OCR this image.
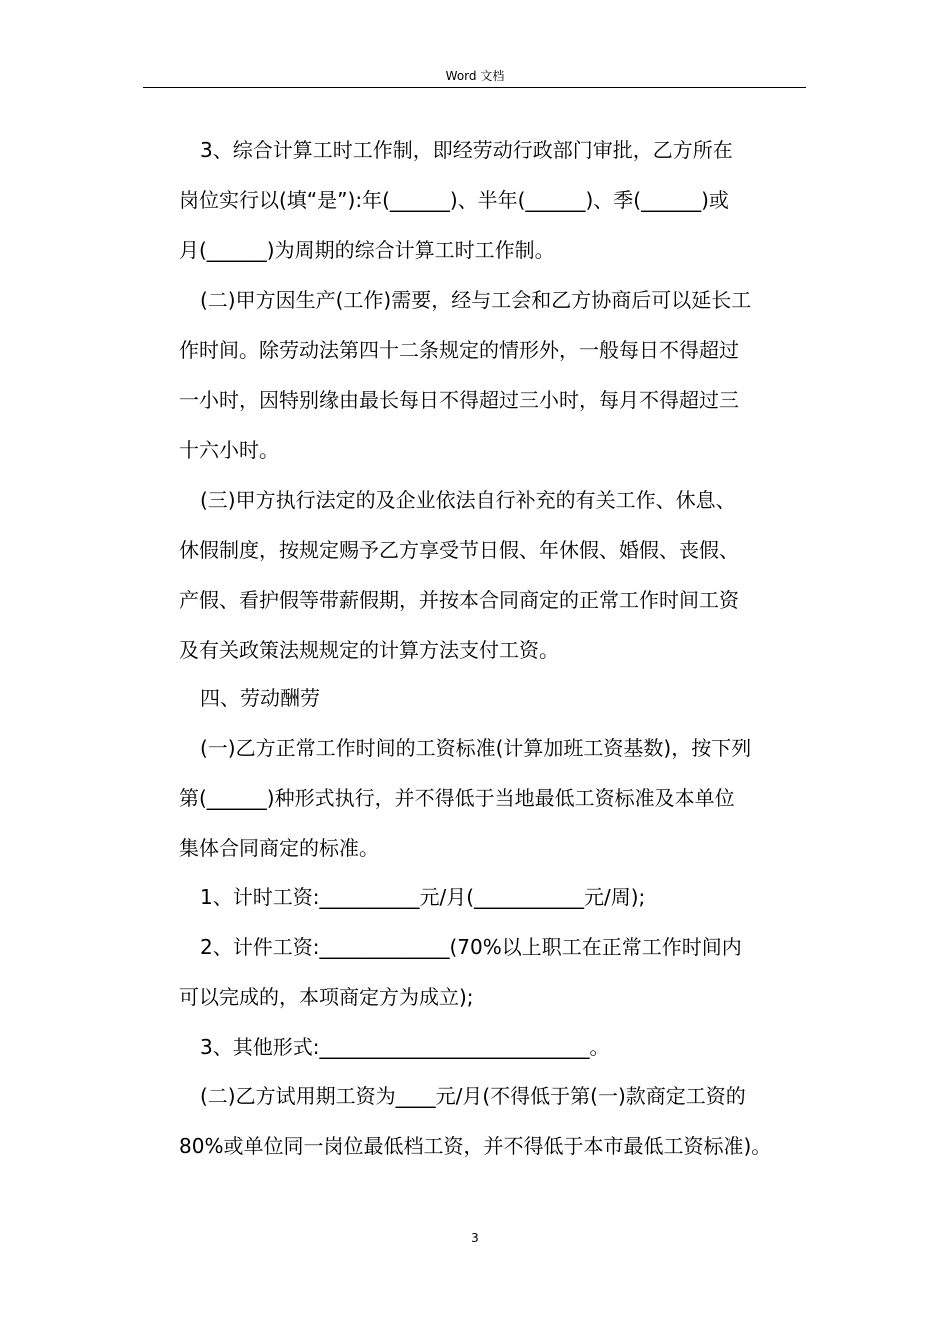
Word 文档
3、综合计算工时工作制，即经劳动行政部门审批，乙方所在
岗位实行以(填“是”):年(______)、半年(______)、季(______)或
月(______)为周期的综合计算工时工作制。
(二)甲方因生产(工作)需要，经与工会和乙方协商后可以延长工
作时间。除劳动法第四十二条规定的情形外，一般每日不得超过
一小时，因特别缘由最长每日不得超过三小时，每月不得超过三
十六小时。
(三)甲方执行法定的及企业依法自行补充的有关工作、休息、
休假制度，按规定赐予乙方享受节日假、年休假、婚假、丧假、
产假、看护假等带薪假期，并按本合同商定的正常工作时间工资
及有关政策法规规定的计算方法支付工资。
四、劳动酬劳
(一)乙方正常工作时间的工资标准(计算加班工资基数)，按下列
第(______)种形式执行，并不得低于当地最低工资标准及本单位
集体合同商定的标准。
1、计时工资:__________元/月(___________元/周);
2、计件工资:_____________(70%以上职工在正常工作时间内
可以完成的，本项商定方为成立);
3、其他形式:___________________________。
(二)乙方试用期工资为____元/月(不得低于第(一)款商定工资的
80%或单位同一岗位最低档工资，并不得低于本市最低工资标准)。
3
